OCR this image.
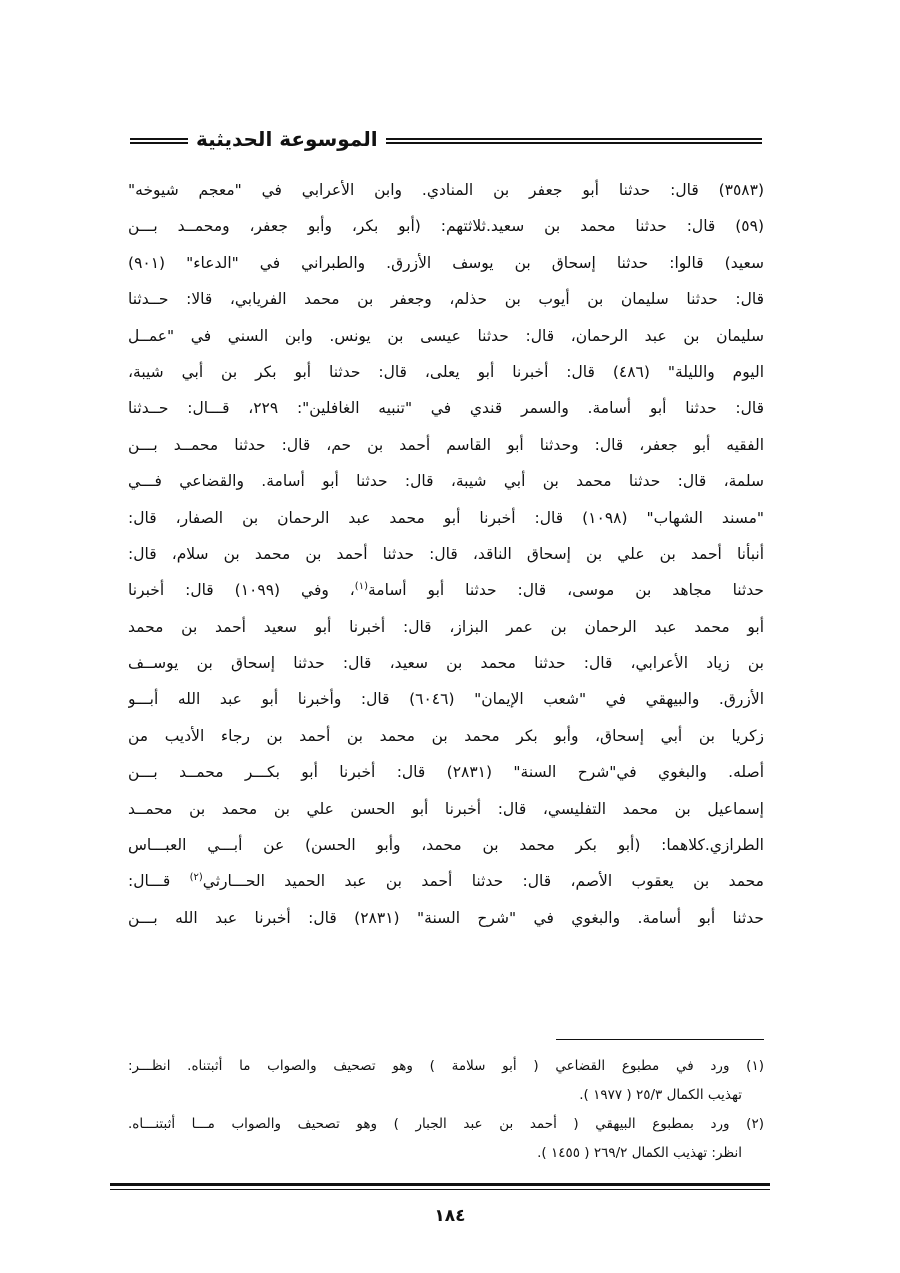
الموسوعة الحديثية
(٣٥٨٣) قال: حدثنا أبو جعفر بن المنادي. وابن الأعرابي في "معجم شيوخه"
(٥٩) قال: حدثنا محمد بن سعيد.ثلاثتهم: (أبو بكر، وأبو جعفر، ومحمــد بـــن
سعيد) قالوا: حدثنا إسحاق بن يوسف الأزرق. والطبراني في "الدعاء" (٩٠١)
قال: حدثنا سليمان بن أيوب بن حذلم، وجعفر بن محمد الفريابي، قالا: حــدثنا
سليمان بن عبد الرحمان، قال: حدثنا عيسى بن يونس. وابن السني في "عمــل
اليوم والليلة" (٤٨٦) قال: أخبرنا أبو يعلى، قال: حدثنا أبو بكر بن أبي شيبة،
قال: حدثنا أبو أسامة. والسمر قندي في "تنبيه الغافلين": ٢٢٩، قـــال: حــدثنا
الفقيه أبو جعفر، قال: وحدثنا أبو القاسم أحمد بن حم، قال: حدثنا محمــد بـــن
سلمة، قال: حدثنا محمد بن أبي شيبة، قال: حدثنا أبو أسامة. والقضاعي فـــي
"مسند الشهاب" (١٠٩٨) قال: أخبرنا أبو محمد عبد الرحمان بن الصفار، قال:
أنبأنا أحمد بن علي بن إسحاق الناقد، قال: حدثنا أحمد بن محمد بن سلام، قال:
حدثنا مجاهد بن موسى، قال: حدثنا أبو أسامة$^{(١)}$، وفي (١٠٩٩) قال: أخبرنا
أبو محمد عبد الرحمان بن عمر البزاز، قال: أخبرنا أبو سعيد أحمد بن محمد
بن زياد الأعرابي، قال: حدثنا محمد بن سعيد، قال: حدثنا إسحاق بن يوســف
الأزرق. والبيهقي في "شعب الإيمان" (٦٠٤٦) قال: وأخبرنا أبو عبد الله أبـــو
زكريا بن أبي إسحاق، وأبو بكر محمد بن محمد بن أحمد بن رجاء الأديب من
أصله. والبغوي في"شرح السنة" (٢٨٣١) قال: أخبرنا أبو بكـــر محمــد بـــن
إسماعيل بن محمد التفليسي، قال: أخبرنا أبو الحسن علي بن محمد بن محمــد
الطرازي.كلاهما: (أبو بكر محمد بن محمد، وأبو الحسن) عن أبـــي العبـــاس
محمد بن يعقوب الأصم، قال: حدثنا أحمد بن عبد الحميد الحـــارثي$^{(٢)}$ قـــال:
حدثنا أبو أسامة. والبغوي في "شرح السنة" (٢٨٣١) قال: أخبرنا عبد الله بـــن
(١) ورد في مطبوع القضاعي ( أبو سلامة ) وهو تصحيف والصواب ما أثبتناه. انظـــر:
تهذيب الكمال ٢٥/٣ ( ١٩٧٧ ).
(٢) ورد بمطبوع البيهقي ( أحمد بن عبد الجبار ) وهو تصحيف والصواب مـــا أثبتنـــاه.
انظر: تهذيب الكمال ٢٦٩/٢ ( ١٤٥٥ ).
١٨٤
